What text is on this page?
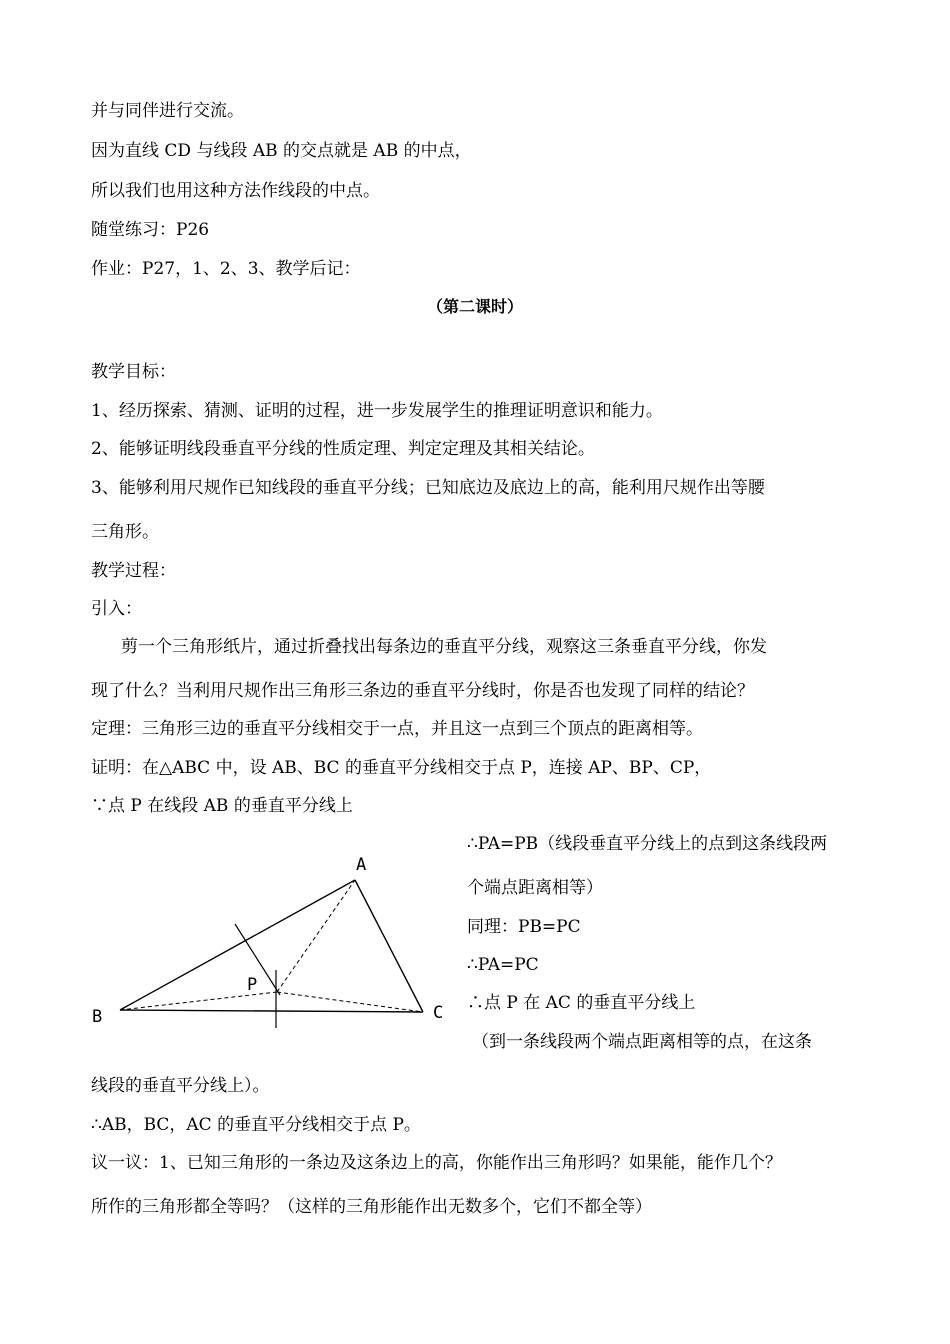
并与同伴进行交流。
因为直线 CD 与线段 AB 的交点就是 AB 的中点，
所以我们也用这种方法作线段的中点。
随堂练习：P26
作业：P27，1、2、3、教学后记：
（第二课时）
教学目标：
1、经历探索、猜测、证明的过程，进一步发展学生的推理证明意识和能力。
2、能够证明线段垂直平分线的性质定理、判定定理及其相关结论。
3、能够利用尺规作已知线段的垂直平分线；已知底边及底边上的高，能利用尺规作出等腰
三角形。
教学过程：
引入：
剪一个三角形纸片，通过折叠找出每条边的垂直平分线，观察这三条垂直平分线，你发
现了什么？当利用尺规作出三角形三条边的垂直平分线时，你是否也发现了同样的结论？
定理：三角形三边的垂直平分线相交于一点，并且这一点到三个顶点的距离相等。
证明：在△ABC 中，设 AB、BC 的垂直平分线相交于点 P，连接 AP、BP、CP，
∵点 P 在线段 AB 的垂直平分线上
A
B	C
P
∴PA=PB（线段垂直平分线上的点到这条线段两
个端点距离相等）
同理：PB=PC
∴PA=PC
∴点 P 在 AC 的垂直平分线上
（到一条线段两个端点距离相等的点，在这条
线段的垂直平分线上）。
∴AB，BC，AC 的垂直平分线相交于点 P。
议一议：1、已知三角形的一条边及这条边上的高，你能作出三角形吗？如果能，能作几个？
所作的三角形都全等吗？（这样的三角形能作出无数多个，它们不都全等）
